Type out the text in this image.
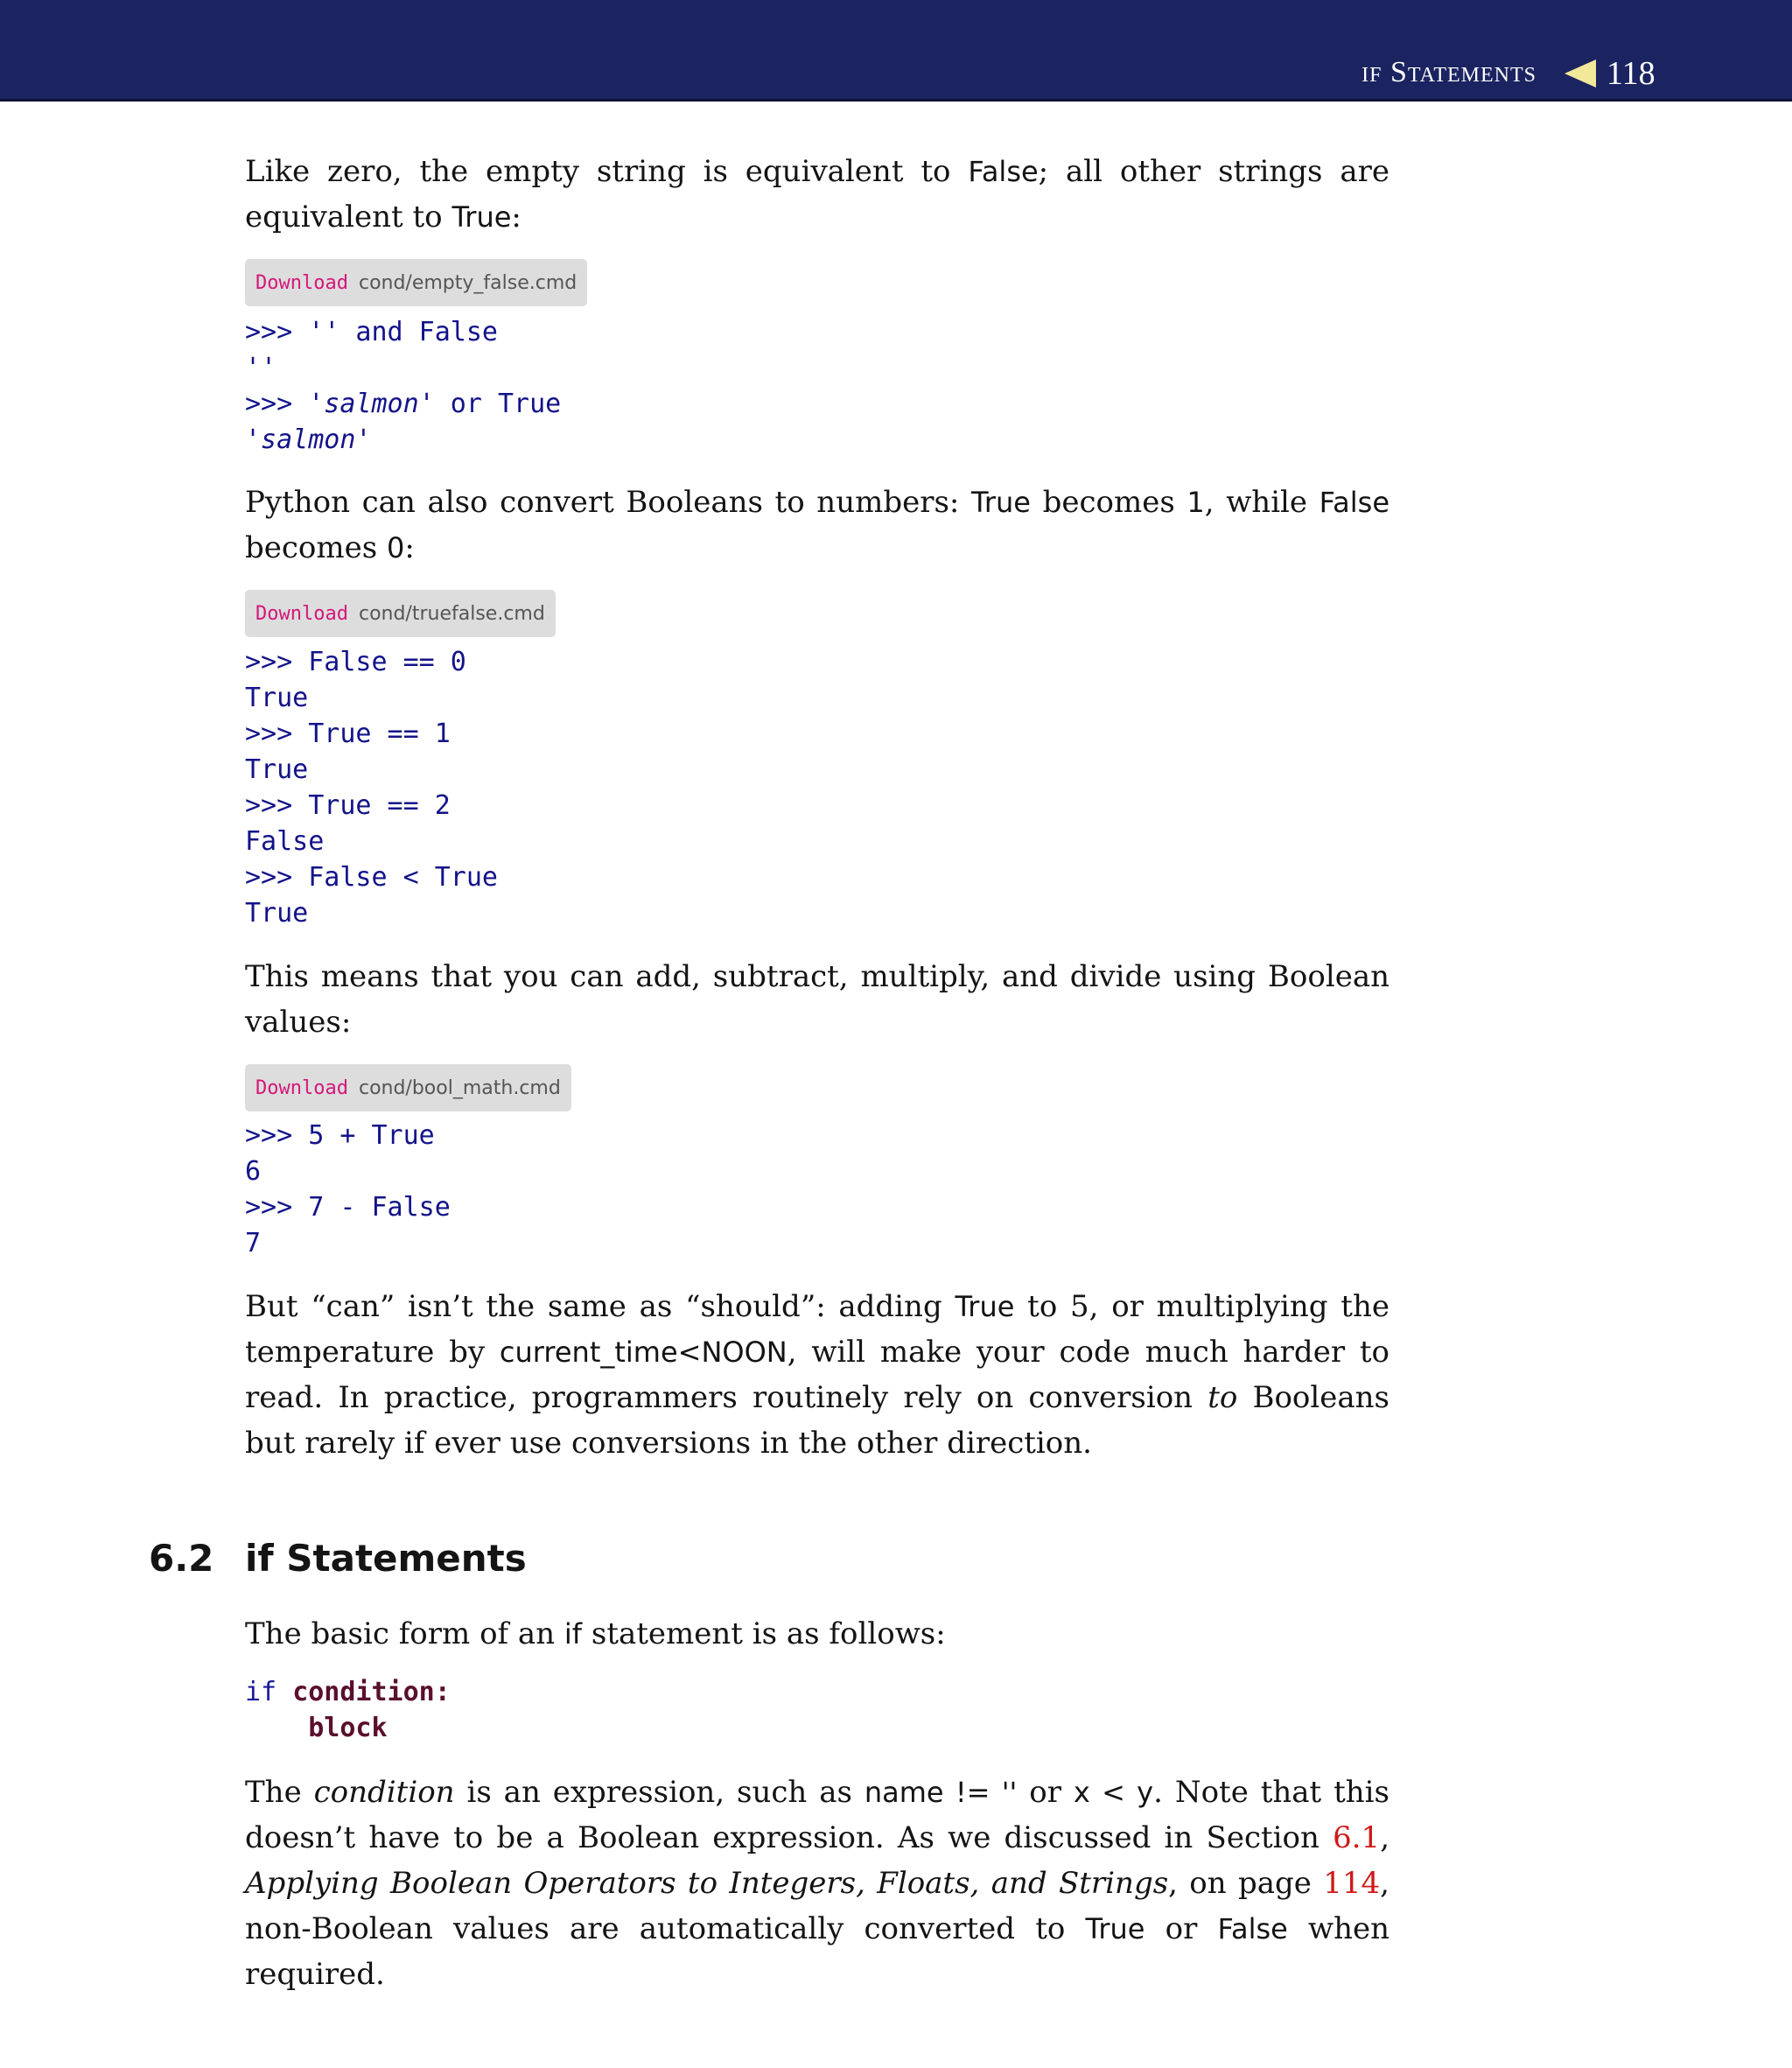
if Statements 118

Like zero, the empty string is equivalent to False; all other strings are equivalent to True:

Download cond/empty_false.cmd
>>> '' and False
''
>>> 'salmon' or True
'salmon'

Python can also convert Booleans to numbers: True becomes 1, while False becomes 0:

Download cond/truefalse.cmd
>>> False == 0
True
>>> True == 1
True
>>> True == 2
False
>>> False < True
True

This means that you can add, subtract, multiply, and divide using Boolean values:

Download cond/bool_math.cmd
>>> 5 + True
6
>>> 7 - False
7

But “can” isn’t the same as “should”: adding True to 5, or multiplying the temperature by current_time<NOON, will make your code much harder to read. In practice, programmers routinely rely on conversion to Booleans but rarely if ever use conversions in the other direction.

The basic form of an if statement is as follows:

if condition:
block

The condition is an expression, such as name != '' or x < y. Note that this doesn’t have to be a Boolean expression. As we discussed in Section 6.1, Applying Boolean Operators to Integers, Floats, and Strings, on page 114, non-Boolean values are automatically converted to True or False when required.

6.2 if Statements
